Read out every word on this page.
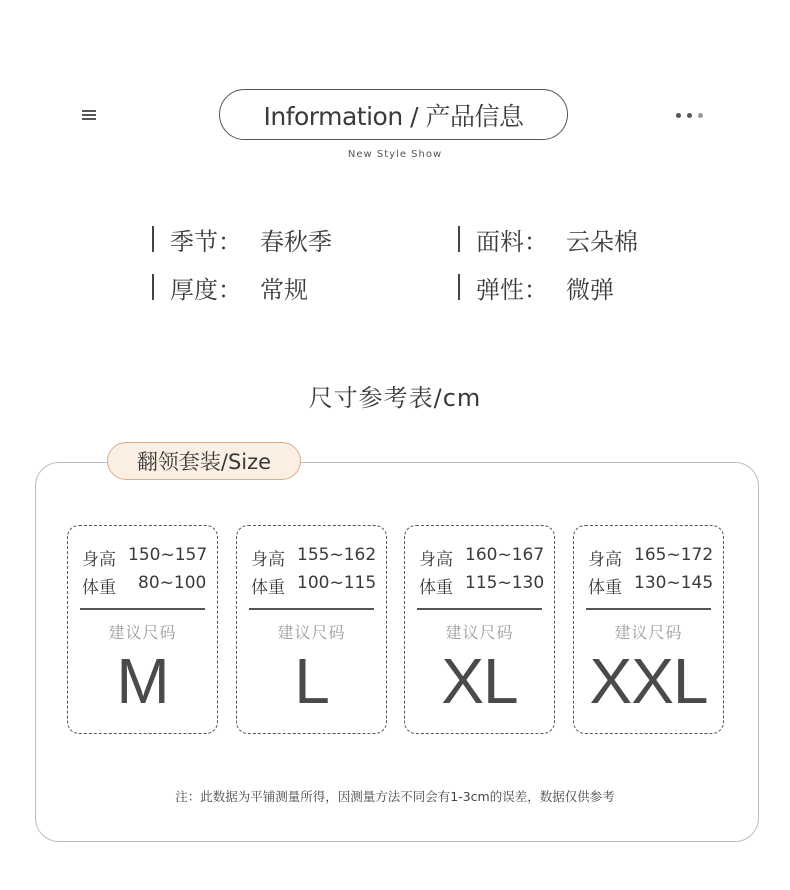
Information / 产品信息
New Style Show
季节： 春秋季	面料： 云朵棉
厚度： 常规	弹性： 微弹
尺寸参考表/cm
翻领套装/Size
身高 150~157
体重	80~100
建议尺码
M
身高 155~162
体重 100~115
建议尺码
L
身高 160~167
体重 115~130
建议尺码
XL
身高 165~172
体重 130~145
建议尺码
XXL
注：此数据为平铺测量所得，因测量方法不同会有1-3cm的误差，数据仅供参考
